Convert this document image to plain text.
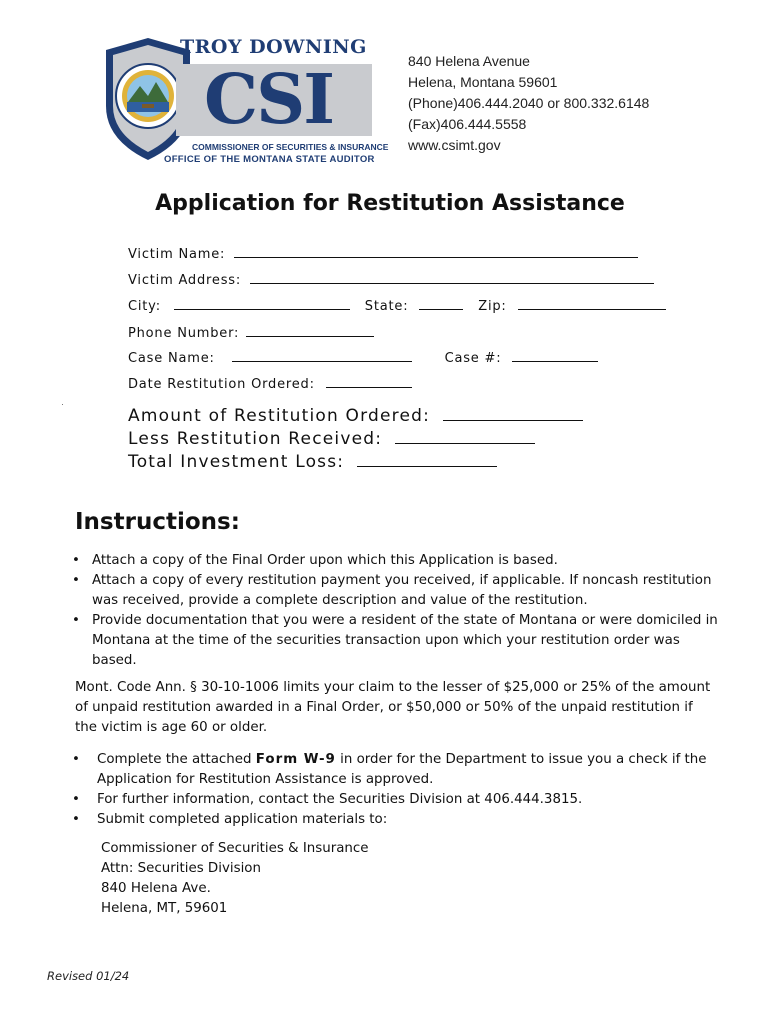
TROY DOWNING
CSI
COMMISSIONER OF SECURITIES & INSURANCE
OFFICE OF THE MONTANA STATE AUDITOR
840 Helena Avenue
Helena, Montana 59601
(Phone)406.444.2040 or 800.332.6148
(Fax)406.444.5558
www.csimt.gov
Application for Restitution Assistance
Victim Name:
Victim Address:
City:	State:	Zip:
Phone Number:
Case Name:	Case #:
Date Restitution Ordered:
Amount of Restitution Ordered:
Less Restitution Received:
Total Investment Loss:
Instructions:
• Attach a copy of the Final Order upon which this Application is based.
• Attach a copy of every restitution payment you received, if applicable. If noncash restitution was received, provide a complete description and value of the restitution.
• Provide documentation that you were a resident of the state of Montana or were domiciled in Montana at the time of the securities transaction upon which your restitution order was based.
Mont. Code Ann. § 30-10-1006 limits your claim to the lesser of $25,000 or 25% of the amount of unpaid restitution awarded in a Final Order, or $50,000 or 50% of the unpaid restitution if the victim is age 60 or older.
• Complete the attached Form W-9 in order for the Department to issue you a check if the Application for Restitution Assistance is approved.
• For further information, contact the Securities Division at 406.444.3815.
• Submit completed application materials to:
Commissioner of Securities & Insurance
Attn: Securities Division
840 Helena Ave.
Helena, MT, 59601
Revised 01/24
